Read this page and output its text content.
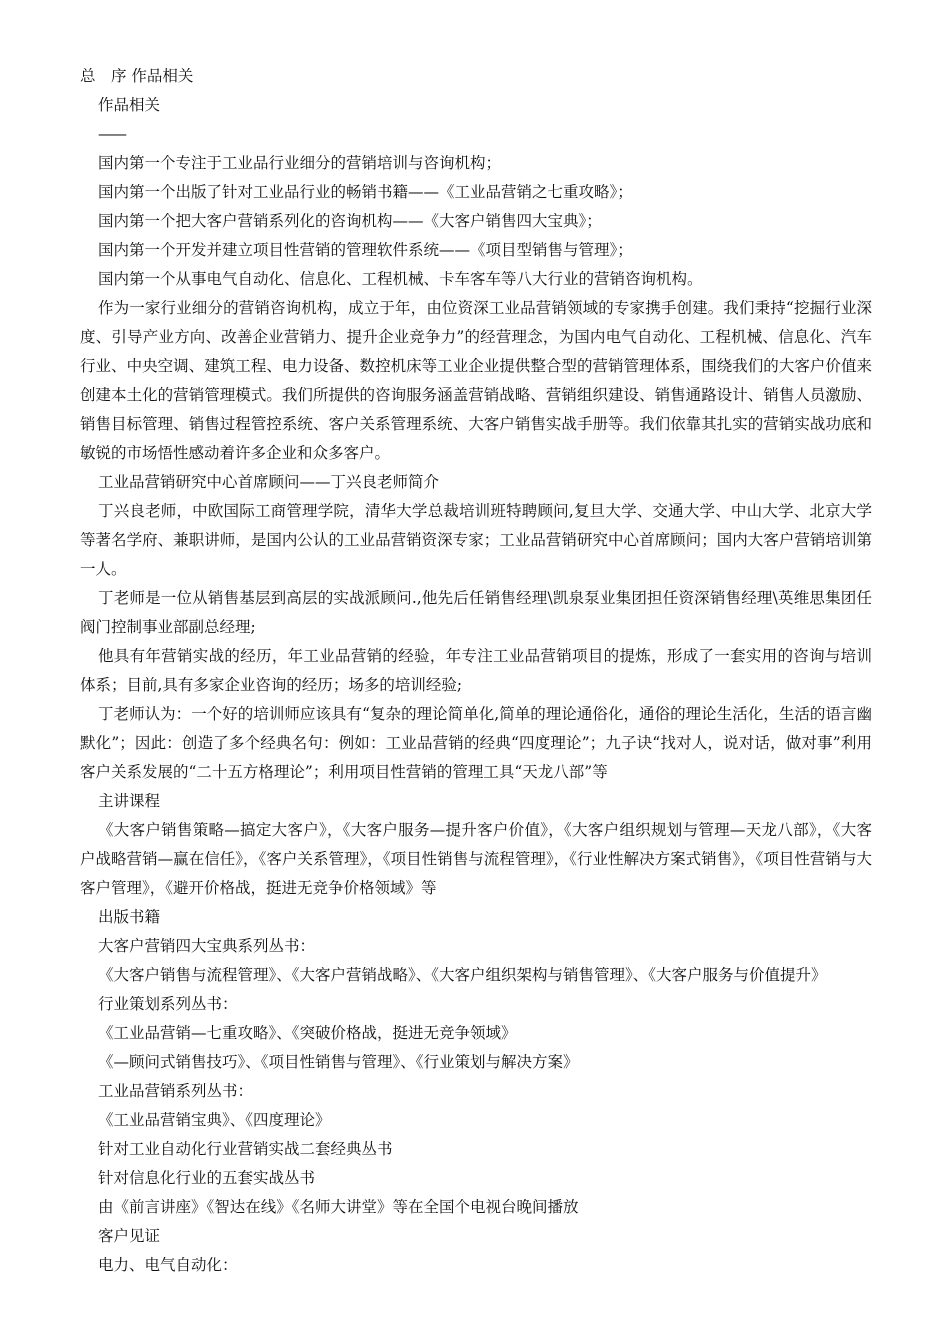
总　序 作品相关
作品相关
——
国内第一个专注于工业品行业细分的营销培训与咨询机构；
国内第一个出版了针对工业品行业的畅销书籍——《工业品营销之七重攻略》；
国内第一个把大客户营销系列化的咨询机构——《大客户销售四大宝典》；
国内第一个开发并建立项目性营销的管理软件系统——《项目型销售与管理》；
国内第一个从事电气自动化、信息化、工程机械、卡车客车等八大行业的营销咨询机构。
作为一家行业细分的营销咨询机构，成立于年，由位资深工业品营销领域的专家携手创建。我们秉持“挖掘行业深度、引导产业方向、改善企业营销力、提升企业竞争力”的经营理念，为国内电气自动化、工程机械、信息化、汽车行业、中央空调、建筑工程、电力设备、数控机床等工业企业提供整合型的营销管理体系，围绕我们的大客户价值来创建本土化的营销管理模式。我们所提供的咨询服务涵盖营销战略、营销组织建设、销售通路设计、销售人员激励、销售目标管理、销售过程管控系统、客户关系管理系统、大客户销售实战手册等。我们依靠其扎实的营销实战功底和敏锐的市场悟性感动着许多企业和众多客户。
工业品营销研究中心首席顾问——丁兴良老师简介
丁兴良老师，中欧国际工商管理学院，清华大学总裁培训班特聘顾问,复旦大学、交通大学、中山大学、北京大学等著名学府、兼职讲师，是国内公认的工业品营销资深专家；工业品营销研究中心首席顾问；国内大客户营销培训第一人。
丁老师是一位从销售基层到高层的实战派顾问.,他先后任销售经理\凯泉泵业集团担任资深销售经理\英维思集团任阀门控制事业部副总经理;
他具有年营销实战的经历，年工业品营销的经验，年专注工业品营销项目的提炼，形成了一套实用的咨询与培训体系；目前,具有多家企业咨询的经历；场多的培训经验;
丁老师认为：一个好的培训师应该具有“复杂的理论简单化,简单的理论通俗化，通俗的理论生活化，生活的语言幽默化”；因此：创造了多个经典名句：例如：工业品营销的经典“四度理论”；九子诀“找对人，说对话，做对事”利用客户关系发展的“二十五方格理论”；利用项目性营销的管理工具“天龙八部”等
主讲课程
《大客户销售策略—搞定大客户》，《大客户服务—提升客户价值》，《大客户组织规划与管理—天龙八部》，《大客户战略营销—赢在信任》，《客户关系管理》，《项目性销售与流程管理》，《行业性解决方案式销售》，《项目性营销与大客户管理》，《避开价格战，挺进无竞争价格领域》等
出版书籍
大客户营销四大宝典系列丛书：
《大客户销售与流程管理》、《大客户营销战略》、《大客户组织架构与销售管理》、《大客户服务与价值提升》
行业策划系列丛书：
《工业品营销—七重攻略》、《突破价格战，挺进无竞争领域》
《—顾问式销售技巧》、《项目性销售与管理》、《行业策划与解决方案》
工业品营销系列丛书：
《工业品营销宝典》、《四度理论》
针对工业自动化行业营销实战二套经典丛书
针对信息化行业的五套实战丛书
由《前言讲座》《智达在线》《名师大讲堂》等在全国个电视台晚间播放
客户见证
电力、电气自动化：
